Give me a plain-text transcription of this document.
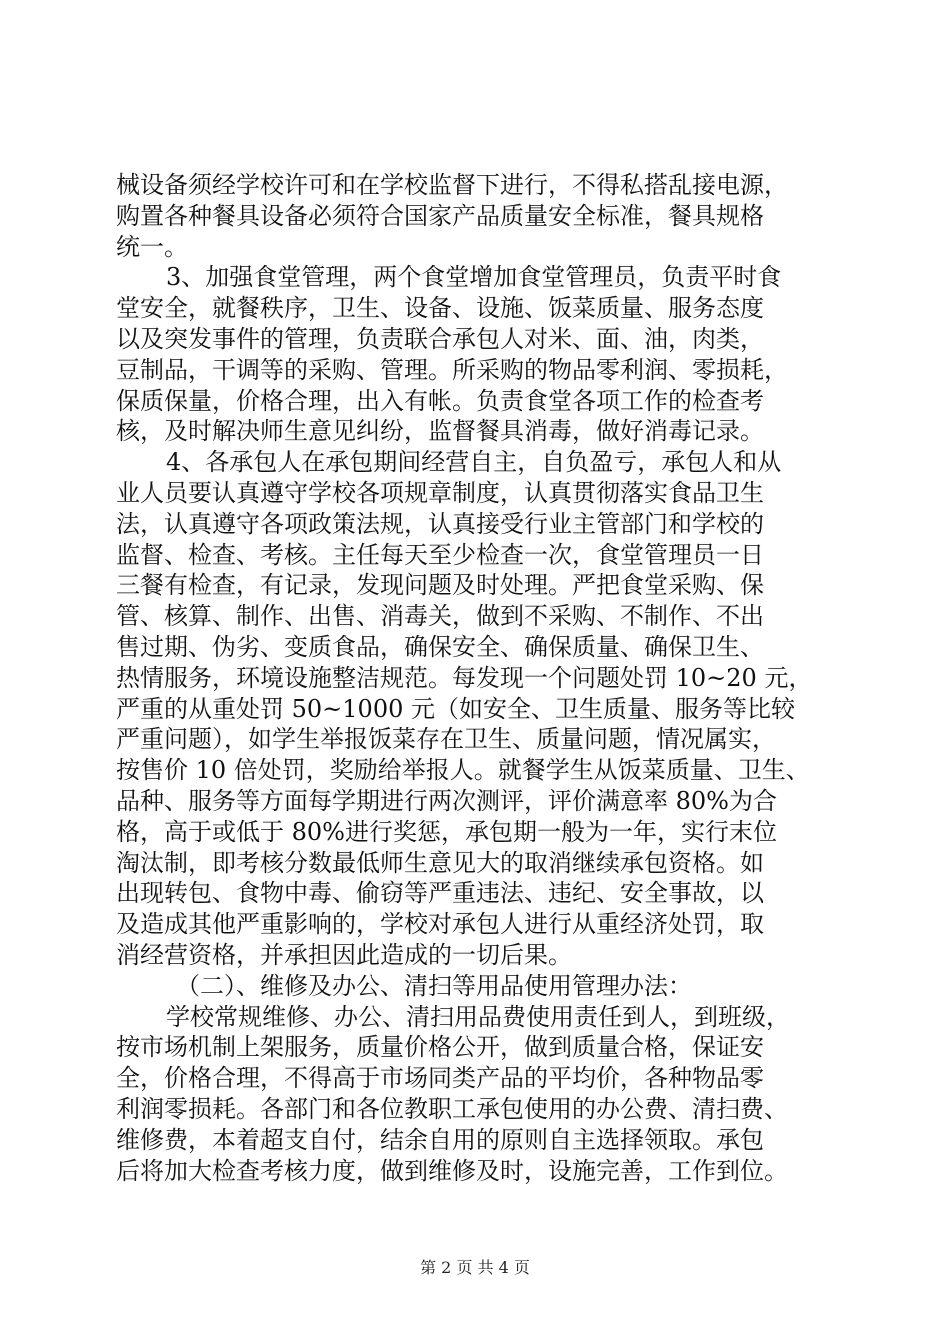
械设备须经学校许可和在学校监督下进行，不得私搭乱接电源，
购置各种餐具设备必须符合国家产品质量安全标准，餐具规格
统一。
3、加强食堂管理，两个食堂增加食堂管理员，负责平时食
堂安全，就餐秩序，卫生、设备、设施、饭菜质量、服务态度
以及突发事件的管理，负责联合承包人对米、面、油，肉类，
豆制品，干调等的采购、管理。所采购的物品零利润、零损耗，
保质保量，价格合理，出入有帐。负责食堂各项工作的检查考
核，及时解决师生意见纠纷，监督餐具消毒，做好消毒记录。
4、各承包人在承包期间经营自主，自负盈亏，承包人和从
业人员要认真遵守学校各项规章制度，认真贯彻落实食品卫生
法，认真遵守各项政策法规，认真接受行业主管部门和学校的
监督、检查、考核。主任每天至少检查一次，食堂管理员一日
三餐有检查，有记录，发现问题及时处理。严把食堂采购、保
管、核算、制作、出售、消毒关，做到不采购、不制作、不出
售过期、伪劣、变质食品，确保安全、确保质量、确保卫生、
热情服务，环境设施整洁规范。每发现一个问题处罚 10~20 元，
严重的从重处罚 50~1000 元（如安全、卫生质量、服务等比较
严重问题），如学生举报饭菜存在卫生、质量问题，情况属实，
按售价 10 倍处罚，奖励给举报人。就餐学生从饭菜质量、卫生、
品种、服务等方面每学期进行两次测评，评价满意率 80%为合
格，高于或低于 80%进行奖惩，承包期一般为一年，实行末位
淘汰制，即考核分数最低师生意见大的取消继续承包资格。如
出现转包、食物中毒、偷窃等严重违法、违纪、安全事故，以
及造成其他严重影响的，学校对承包人进行从重经济处罚，取
消经营资格，并承担因此造成的一切后果。
（二）、维修及办公、清扫等用品使用管理办法：
学校常规维修、办公、清扫用品费使用责任到人，到班级，
按市场机制上架服务，质量价格公开，做到质量合格，保证安
全，价格合理，不得高于市场同类产品的平均价，各种物品零
利润零损耗。各部门和各位教职工承包使用的办公费、清扫费、
维修费，本着超支自付，结余自用的原则自主选择领取。承包
后将加大检查考核力度，做到维修及时，设施完善，工作到位。
第 2 页 共 4 页
